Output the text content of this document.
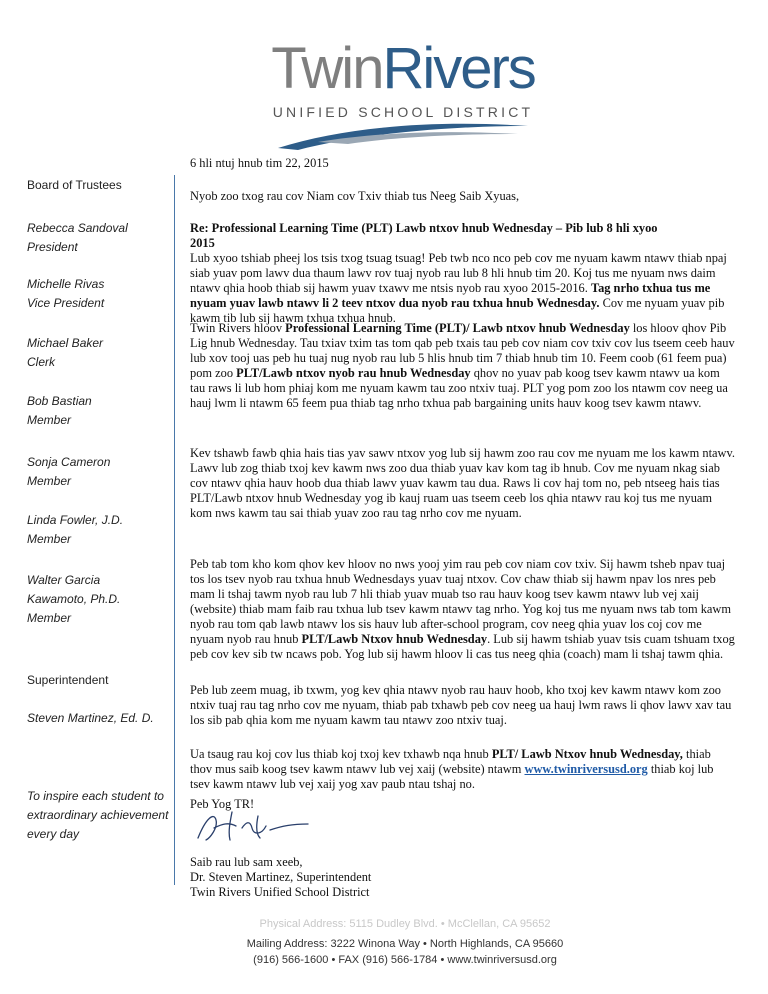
TwinRivers
UNIFIED SCHOOL DISTRICT
Board of Trustees
Rebecca Sandoval
President
Michelle Rivas
Vice President
Michael Baker
Clerk
Bob Bastian
Member
Sonja Cameron
Member
Linda Fowler, J.D.
Member
Walter Garcia
Kawamoto, Ph.D.
Member
Superintendent
Steven Martinez, Ed. D.
To inspire each student to
extraordinary achievement
every day
6 hli ntuj hnub tim 22, 2015
Nyob zoo txog rau cov Niam cov Txiv thiab tus Neeg Saib Xyuas,

Re: Professional Learning Time (PLT) Lawb ntxov hnub Wednesday – Pib lub 8 hli xyoo
2015

Lub xyoo tshiab pheej los tsis txog tsuag tsuag! Peb twb nco nco peb cov me nyuam kawm ntawv thiab npaj siab yuav pom lawv dua thaum lawv rov tuaj nyob rau lub 8 hli hnub tim 20. Koj tus me nyuam nws daim ntawv qhia hoob thiab sij hawm yuav txawv me ntsis nyob rau xyoo 2015-2016. Tag nrho txhua tus me nyuam yuav lawb ntawv li 2 teev ntxov dua nyob rau txhua hnub Wednesday. Cov me nyuam yuav pib kawm tib lub sij hawm txhua txhua hnub.

Twin Rivers hloov Professional Learning Time (PLT)/ Lawb ntxov hnub Wednesday los hloov qhov Pib Lig hnub Wednesday. Tau txiav txim tas tom qab peb txais tau peb cov niam cov txiv cov lus tseem ceeb hauv lub xov tooj uas peb hu tuaj nug nyob rau lub 5 hlis hnub tim 7 thiab hnub tim 10. Feem coob (61 feem pua) pom zoo PLT/Lawb ntxov nyob rau hnub Wednesday qhov no yuav pab koog tsev kawm ntawv ua kom tau raws li lub hom phiaj kom me nyuam kawm tau zoo ntxiv tuaj. PLT yog pom zoo los ntawm cov neeg ua hauj lwm li ntawm 65 feem pua thiab tag nrho txhua pab bargaining units hauv koog tsev kawm ntawv.

Kev tshawb fawb qhia hais tias yav sawv ntxov yog lub sij hawm zoo rau cov me nyuam me los kawm ntawv. Lawv lub zog thiab txoj kev kawm nws zoo dua thiab yuav kav kom tag ib hnub. Cov me nyuam nkag siab cov ntawv qhia hauv hoob dua thiab lawv yuav kawm tau dua. Raws li cov haj tom no, peb ntseeg hais tias PLT/Lawb ntxov hnub Wednesday yog ib kauj ruam uas tseem ceeb los qhia ntawv rau koj tus me nyuam kom nws kawm tau sai thiab yuav zoo rau tag nrho cov me nyuam.

Peb tab tom kho kom qhov kev hloov no nws yooj yim rau peb cov niam cov txiv. Sij hawm tsheb npav tuaj tos los tsev nyob rau txhua hnub Wednesdays yuav tuaj ntxov. Cov chaw thiab sij hawm npav los nres peb mam li tshaj tawm nyob rau lub 7 hli thiab yuav muab tso rau hauv koog tsev kawm ntawv lub vej xaij (website) thiab mam faib rau txhua lub tsev kawm ntawv tag nrho. Yog koj tus me nyuam nws tab tom kawm nyob rau tom qab lawb ntawv los sis hauv lub after-school program, cov neeg qhia yuav los coj cov me nyuam nyob rau hnub PLT/Lawb Ntxov hnub Wednesday. Lub sij hawm tshiab yuav tsis cuam tshuam txog peb cov kev sib tw ncaws pob. Yog lub sij hawm hloov li cas tus neeg qhia (coach) mam li tshaj tawm qhia.

Peb lub zeem muag, ib txwm, yog kev qhia ntawv nyob rau hauv hoob, kho txoj kev kawm ntawv kom zoo ntxiv tuaj rau tag nrho cov me nyuam, thiab pab txhawb peb cov neeg ua hauj lwm raws li qhov lawv xav tau los sib pab qhia kom me nyuam kawm tau ntawv zoo ntxiv tuaj.

Ua tsaug rau koj cov lus thiab koj txoj kev txhawb nqa hnub PLT/ Lawb Ntxov hnub Wednesday, thiab thov mus saib koog tsev kawm ntawv lub vej xaij (website) ntawm www.twinriversusd.org thiab koj lub tsev kawm ntawv lub vej xaij yog xav paub ntau tshaj no.

Peb Yog TR!

Saib rau lub sam xeeb,

Dr. Steven Martinez, Superintendent

Twin Rivers Unified School District

Physical Address: 5115 Dudley Blvd. • McClellan, CA 95652
Mailing Address: 3222 Winona Way • North Highlands, CA 95660
(916) 566-1600 • FAX (916) 566-1784 • www.twinriversusd.org
